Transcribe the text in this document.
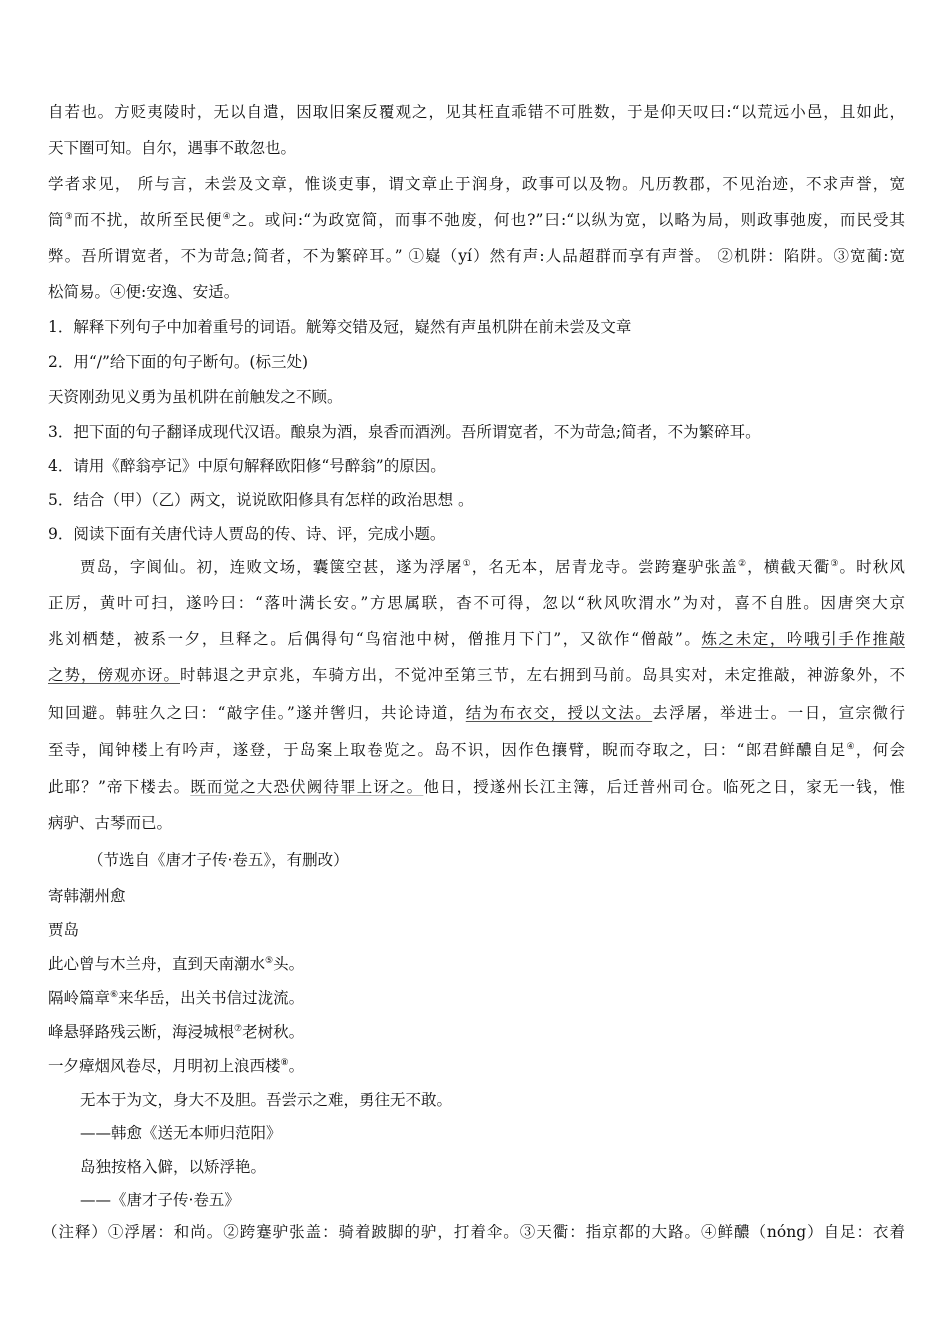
自若也。方贬夷陵时，无以自遣，因取旧案反覆观之，见其枉直乖错不可胜数，于是仰天叹曰:“以荒远小邑，且如此，
天下圈可知。自尔，遇事不敢忽也。
学者求见， 所与言，未尝及文章，惟谈吏事，谓文章止于润身，政事可以及物。凡历教郡，不见治迹，不求声誉，宽
筒③而不扰，故所至民便④之。或问:“为政宽简，而事不弛废，何也?”曰:“以纵为宽，以略为局，则政事弛废，而民受其
弊。吾所谓宽者，不为苛急;简者，不为繁碎耳。” ①嶷（yí）然有声:人品超群而享有声誉。 ②机阱：陷阱。③宽蔺:宽
松简易。④便:安逸、安适。
1．解释下列句子中加着重号的词语。觥筹交错及冠，嶷然有声虽机阱在前未尝及文章
2．用“/”给下面的句子断句。(标三处)
天资刚劲见义勇为虽机阱在前触发之不顾。
3．把下面的句子翻译成现代汉语。酿泉为酒，泉香而酒洌。吾所谓宽者，不为苛急;简者，不为繁碎耳。
4．请用《醉翁亭记》中原句解释欧阳修“号醉翁”的原因。
5．结合（甲）（乙）两文，说说欧阳修具有怎样的政治思想 。
9．阅读下面有关唐代诗人贾岛的传、诗、评，完成小题。
贾岛，字阆仙。初，连败文场，囊箧空甚，遂为浮屠①，名无本，居青龙寺。尝跨蹇驴张盖②，横截天衢③。时秋风
正厉，黄叶可扫，遂吟曰：“落叶满长安。”方思属联，杳不可得，忽以“秋风吹渭水”为对，喜不自胜。因唐突大京
兆刘栖楚，被系一夕，旦释之。后偶得句“鸟宿池中树，僧推月下门”，又欲作“僧敲”。炼之未定，吟哦引手作推敲
之势，傍观亦讶。时韩退之尹京兆，车骑方出，不觉冲至第三节，左右拥到马前。岛具实对，未定推敲，神游象外，不
知回避。韩驻久之曰：“敲字佳。”遂并辔归，共论诗道，结为布衣交，授以文法。去浮屠，举进士。一日，宣宗微行
至寺，闻钟楼上有吟声，遂登，于岛案上取卷览之。岛不识，因作色攘臂，睨而夺取之，曰：“郎君鲜醲自足④，何会
此耶？”帝下楼去。既而觉之大恐伏阙待罪上讶之。他日，授遂州长江主簿，后迁普州司仓。临死之日，家无一钱，惟
病驴、古琴而已。
（节选自《唐才子传·卷五》，有删改）
寄韩潮州愈
贾岛
此心曾与木兰舟，直到天南潮水⑤头。
隔岭篇章⑥来华岳，出关书信过泷流。
峰悬驿路残云断，海浸城根⑦老树秋。
一夕瘴烟风卷尽，月明初上浪西楼⑧。
无本于为文，身大不及胆。吾尝示之难，勇往无不敢。
——韩愈《送无本师归范阳》
岛独按格入僻，以矫浮艳。
——《唐才子传·卷五》
（注释）①浮屠：和尚。②跨蹇驴张盖：骑着跛脚的驴，打着伞。③天衢：指京都的大路。④鲜醲（nóng）自足：衣着
